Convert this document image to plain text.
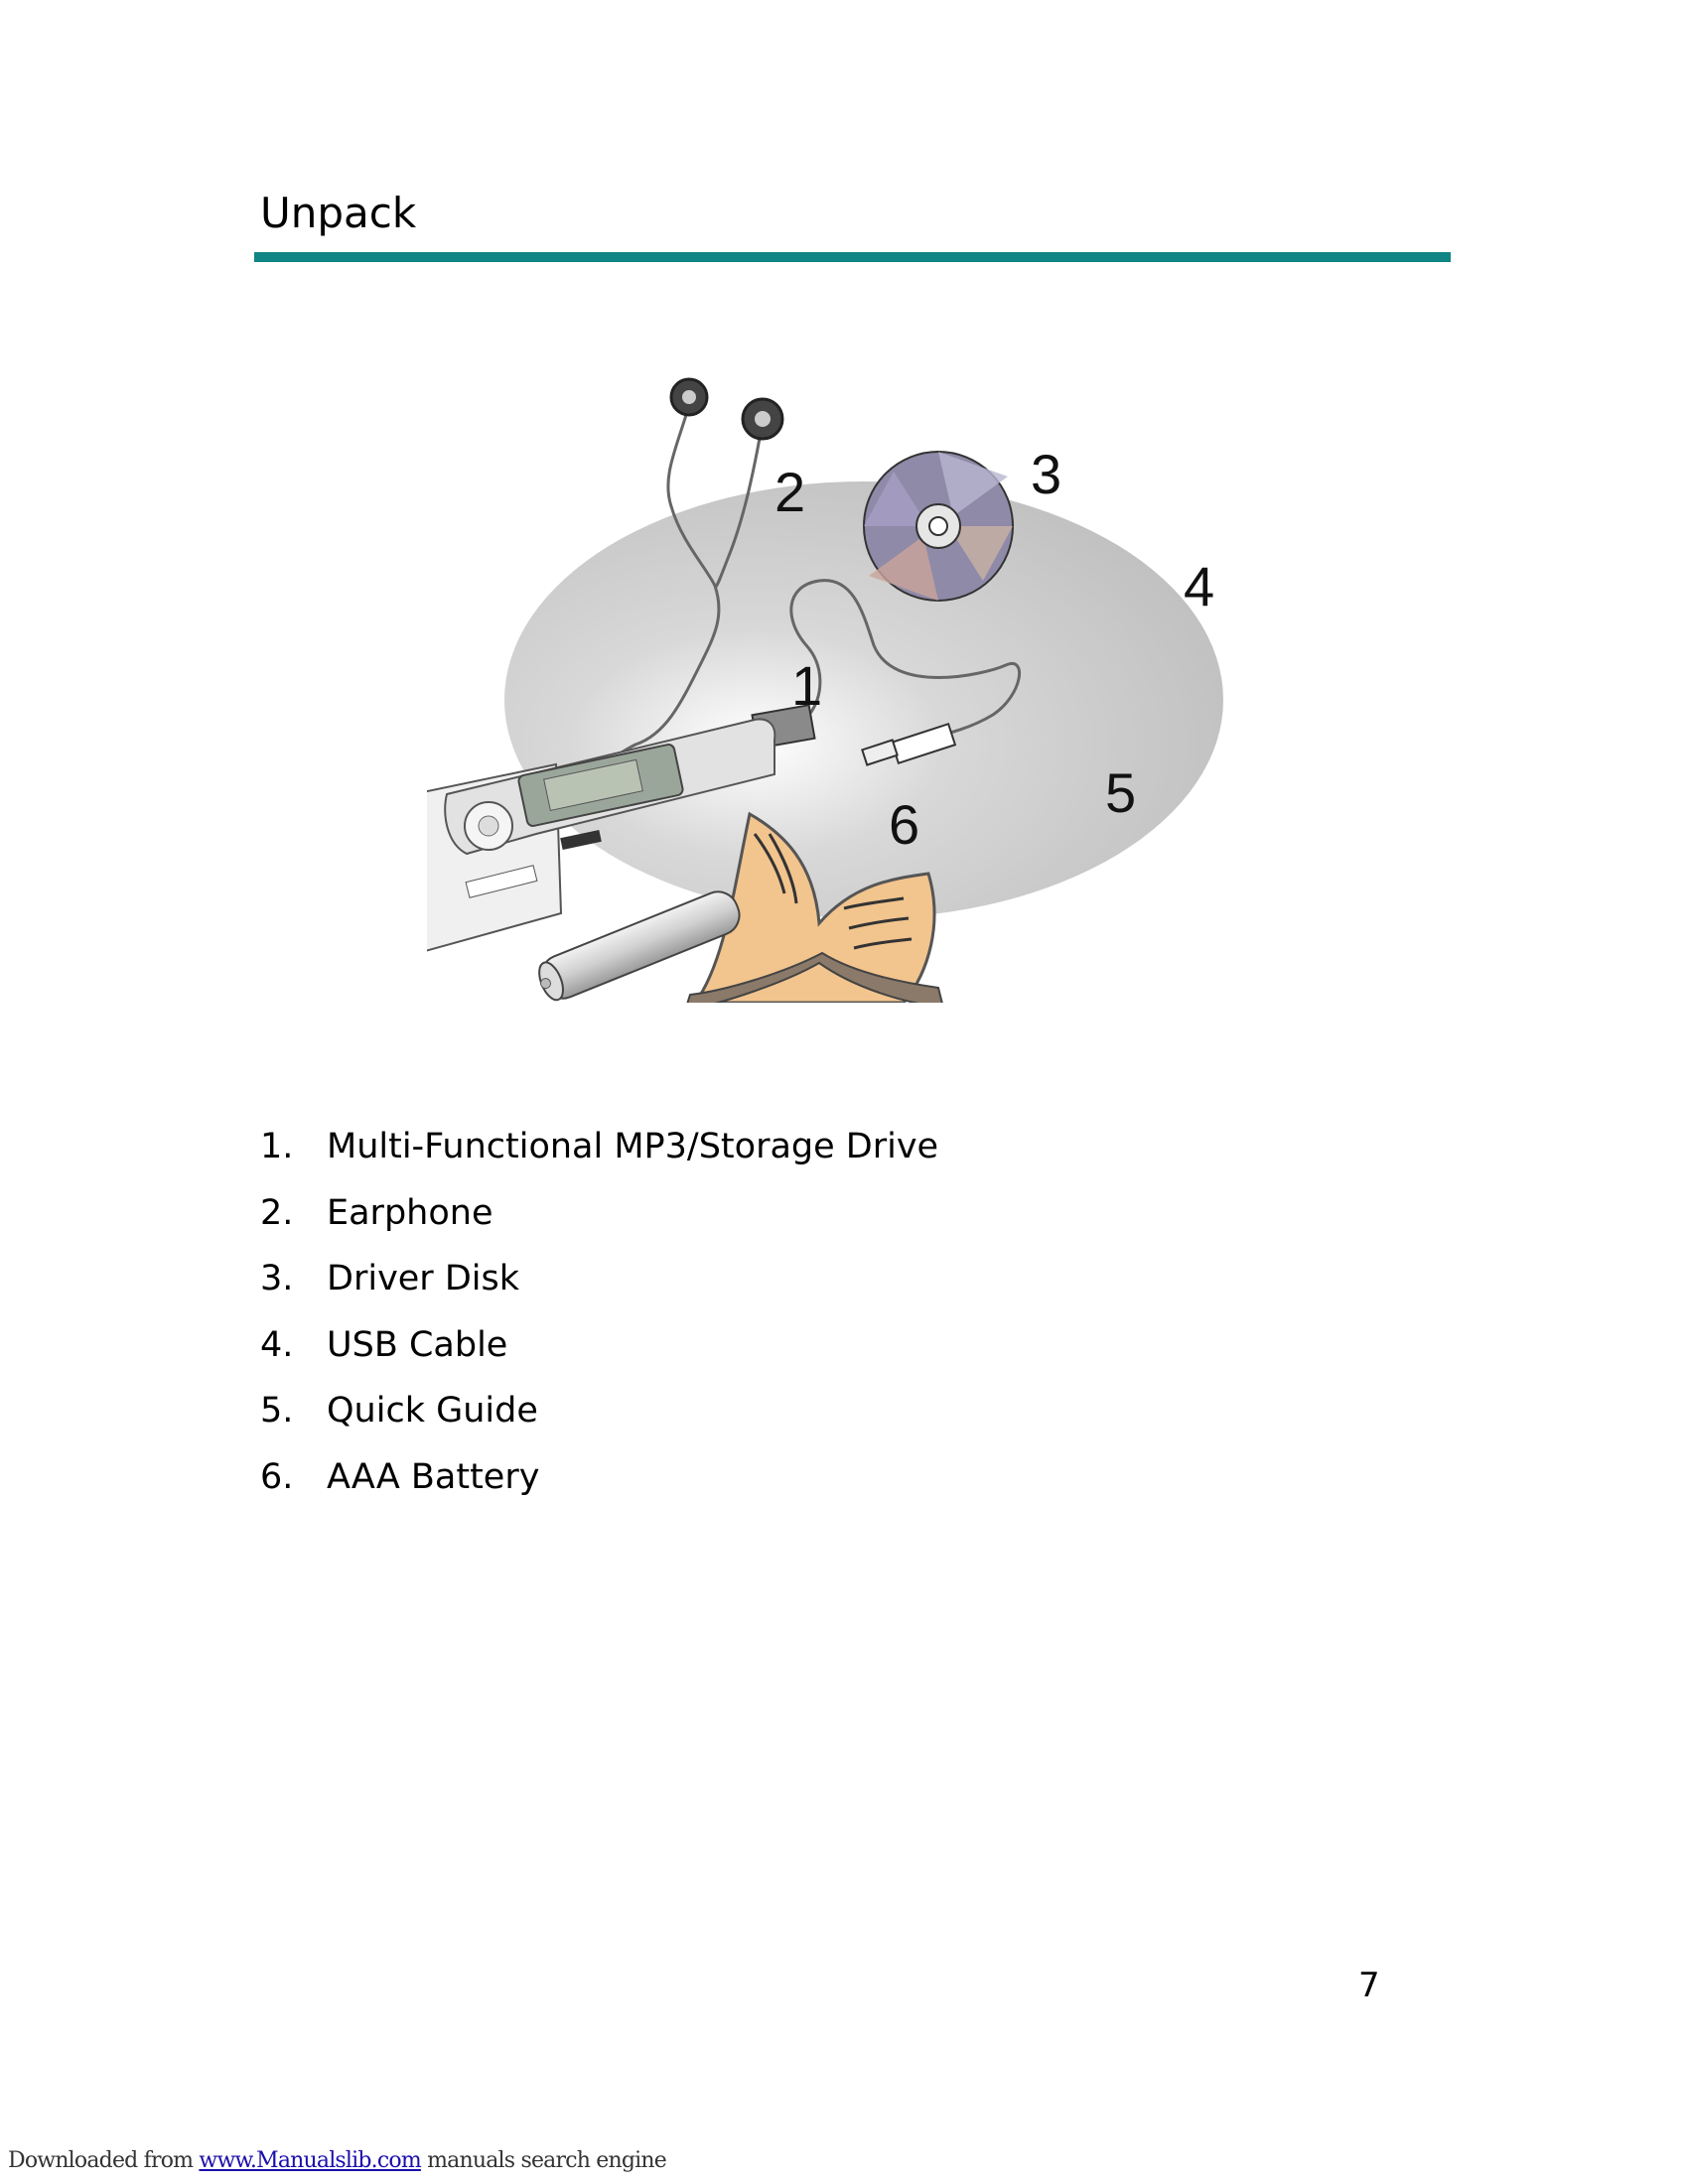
Unpack
1
2	3
4
5
6
1. Multi-Functional MP3/Storage Drive
2. Earphone
3. Driver Disk
4. USB Cable
5. Quick Guide
6. AAA Battery
7
Downloaded from www.Manualslib.com manuals search engine
